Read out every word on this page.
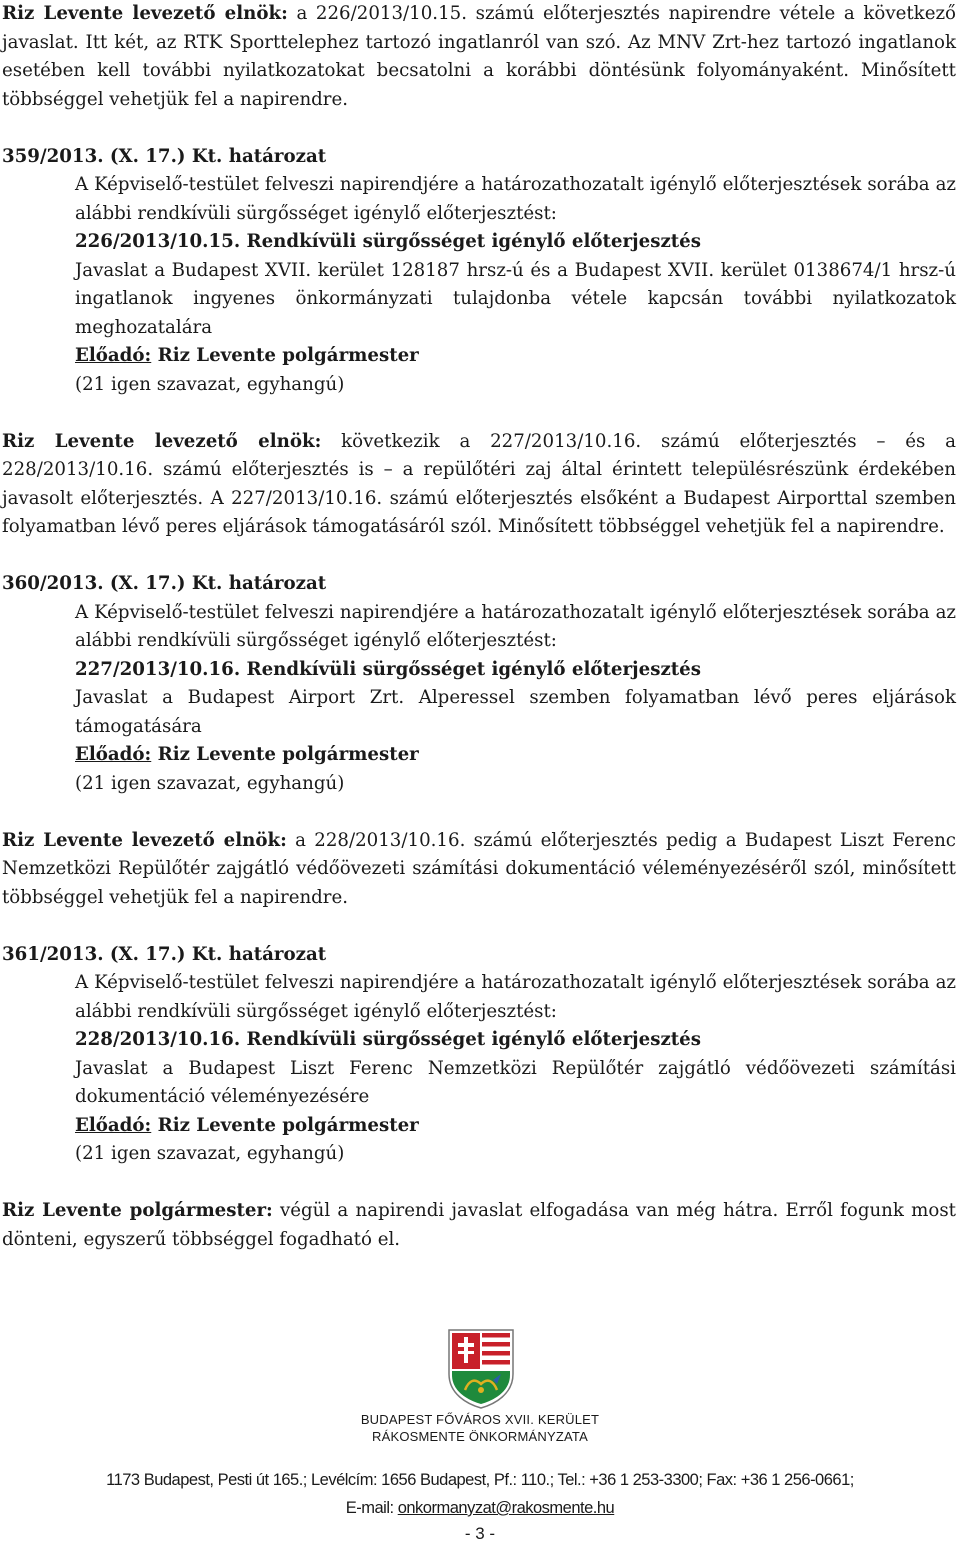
Riz Levente levezető elnök: a 226/2013/10.15. számú előterjesztés napirendre vétele a következő javaslat. Itt két, az RTK Sporttelephez tartozó ingatlanról van szó. Az MNV Zrt-hez tartozó ingatlanok esetében kell további nyilatkozatokat becsatolni a korábbi döntésünk folyományaként. Minősített többséggel vehetjük fel a napirendre.

359/2013. (X. 17.) Kt. határozat

A Képviselő-testület felveszi napirendjére a határozathozatalt igénylő előterjesztések sorába az alábbi rendkívüli sürgősséget igénylő előterjesztést:

226/2013/10.15. Rendkívüli sürgősséget igénylő előterjesztés

Javaslat a Budapest XVII. kerület 128187 hrsz-ú és a Budapest XVII. kerület 0138674/1 hrsz-ú ingatlanok ingyenes önkormányzati tulajdonba vétele kapcsán további nyilatkozatok meghozatalára

Előadó: Riz Levente polgármester

(21 igen szavazat, egyhangú)

Riz Levente levezető elnök: következik a 227/2013/10.16. számú előterjesztés – és a 228/2013/10.16. számú előterjesztés is – a repülőtéri zaj által érintett településrészünk érdekében javasolt előterjesztés. A 227/2013/10.16. számú előterjesztés elsőként a Budapest Airporttal szemben folyamatban lévő peres eljárások támogatásáról szól. Minősített többséggel vehetjük fel a napirendre.

360/2013. (X. 17.) Kt. határozat

A Képviselő-testület felveszi napirendjére a határozathozatalt igénylő előterjesztések sorába az alábbi rendkívüli sürgősséget igénylő előterjesztést:

227/2013/10.16. Rendkívüli sürgősséget igénylő előterjesztés

Javaslat a Budapest Airport Zrt. Alperessel szemben folyamatban lévő peres eljárások támogatására

Előadó: Riz Levente polgármester

(21 igen szavazat, egyhangú)

Riz Levente levezető elnök: a 228/2013/10.16. számú előterjesztés pedig a Budapest Liszt Ferenc Nemzetközi Repülőtér zajgátló védőövezeti számítási dokumentáció véleményezéséről szól, minősített többséggel vehetjük fel a napirendre.

361/2013. (X. 17.) Kt. határozat

A Képviselő-testület felveszi napirendjére a határozathozatalt igénylő előterjesztések sorába az alábbi rendkívüli sürgősséget igénylő előterjesztést:

228/2013/10.16. Rendkívüli sürgősséget igénylő előterjesztés

Javaslat a Budapest Liszt Ferenc Nemzetközi Repülőtér zajgátló védőövezeti számítási dokumentáció véleményezésére

Előadó: Riz Levente polgármester

(21 igen szavazat, egyhangú)

Riz Levente polgármester: végül a napirendi javaslat elfogadása van még hátra. Erről fogunk most dönteni, egyszerű többséggel fogadható el.

BUDAPEST FŐVÁROS XVII. KERÜLET
RÁKOSMENTE ÖNKORMÁNYZATA
1173 Budapest, Pesti út 165.; Levélcím: 1656 Budapest, Pf.: 110.; Tel.: +36 1 253-3300; Fax: +36 1 256-0661;
E-mail: onkormanyzat@rakosmente.hu
- 3 -
